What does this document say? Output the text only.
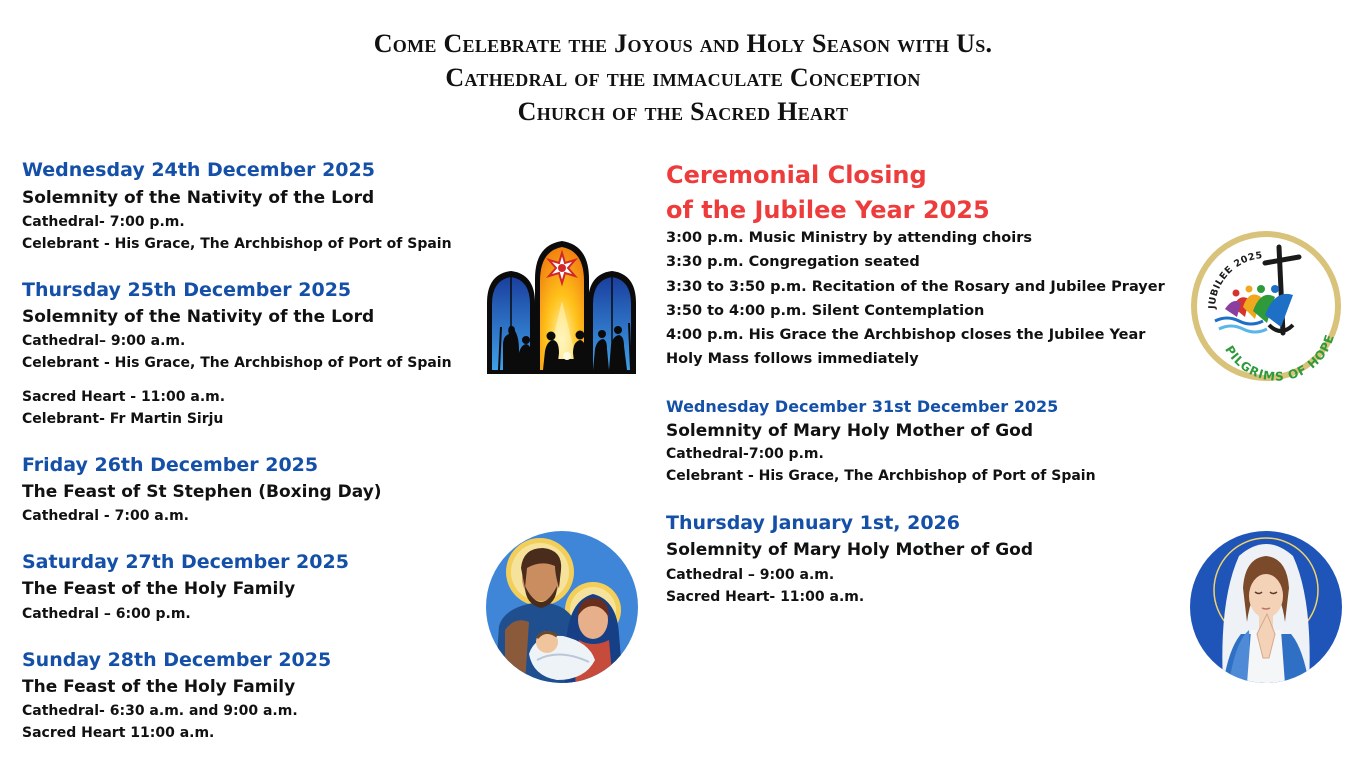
Come Celebrate the Joyous and Holy Season with Us.
Cathedral of the immaculate Conception
Church of the Sacred Heart
Wednesday 24th December 2025
Solemnity of the Nativity of the Lord
Cathedral- 7:00 p.m.
Celebrant - His Grace, The Archbishop of Port of Spain
Thursday 25th December 2025
Solemnity of the Nativity of the Lord
Cathedral– 9:00 a.m.
Celebrant - His Grace, The Archbishop of Port of Spain
Sacred Heart - 11:00 a.m.
Celebrant- Fr Martin Sirju
Friday 26th December 2025
The Feast of St Stephen (Boxing Day)
Cathedral - 7:00 a.m.
Saturday 27th December 2025
The Feast of the Holy Family
Cathedral – 6:00 p.m.
Sunday 28th December 2025
The Feast of the Holy Family
Cathedral- 6:30 a.m. and 9:00 a.m.
Sacred Heart 11:00 a.m.
Ceremonial Closing
of the Jubilee Year 2025
3:00 p.m. Music Ministry by attending choirs
3:30 p.m. Congregation seated
3:30 to 3:50 p.m. Recitation of the Rosary and Jubilee Prayer
3:50 to 4:00 p.m. Silent Contemplation
4:00 p.m. His Grace the Archbishop closes the Jubilee Year
Holy Mass follows immediately
Wednesday December 31st December 2025
Solemnity of Mary Holy Mother of God
Cathedral-7:00 p.m.
Celebrant - His Grace, The Archbishop of Port of Spain
Thursday January 1st, 2026
Solemnity of Mary Holy Mother of God
Cathedral – 9:00 a.m.
Sacred Heart- 11:00 a.m.
JUBILEE 2025
PILGRIMS OF HOPE
